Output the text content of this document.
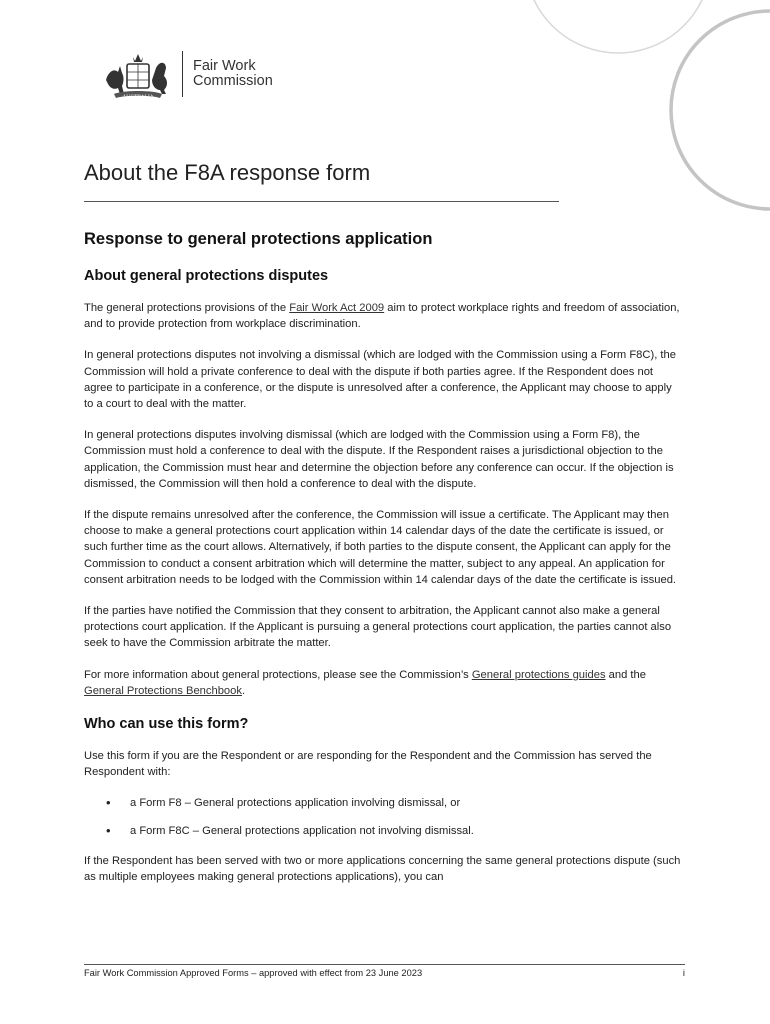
AUSTRALIA
Fair Work
Commission
About the F8A response form
Response to general protections application
About general protections disputes

The general protections provisions of the Fair Work Act 2009 aim to protect workplace rights and freedom of association, and to provide protection from workplace discrimination.

In general protections disputes not involving a dismissal (which are lodged with the Commission using a Form F8C), the Commission will hold a private conference to deal with the dispute if both parties agree. If the Respondent does not agree to participate in a conference, or the dispute is unresolved after a conference, the Applicant may choose to apply to a court to deal with the matter.

In general protections disputes involving dismissal (which are lodged with the Commission using a Form F8), the Commission must hold a conference to deal with the dispute. If the Respondent raises a jurisdictional objection to the application, the Commission must hear and determine the objection before any conference can occur. If the objection is dismissed, the Commission will then hold a conference to deal with the dispute.

If the dispute remains unresolved after the conference, the Commission will issue a certificate. The Applicant may then choose to make a general protections court application within 14 calendar days of the date the certificate is issued, or such further time as the court allows. Alternatively, if both parties to the dispute consent, the Applicant can apply for the Commission to conduct a consent arbitration which will determine the matter, subject to any appeal. An application for consent arbitration needs to be lodged with the Commission within 14 calendar days of the date the certificate is issued.

If the parties have notified the Commission that they consent to arbitration, the Applicant cannot also make a general protections court application. If the Applicant is pursuing a general protections court application, the parties cannot also seek to have the Commission arbitrate the matter.

For more information about general protections, please see the Commission’s General protections guides and the General Protections Benchbook.

Who can use this form?

Use this form if you are the Respondent or are responding for the Respondent and the Commission has served the Respondent with:

• a Form F8 – General protections application involving dismissal, or
• a Form F8C – General protections application not involving dismissal.

If the Respondent has been served with two or more applications concerning the same general protections dispute (such as multiple employees making general protections applications), you can

Fair Work Commission Approved Forms – approved with effect from 23 June 2023	i
